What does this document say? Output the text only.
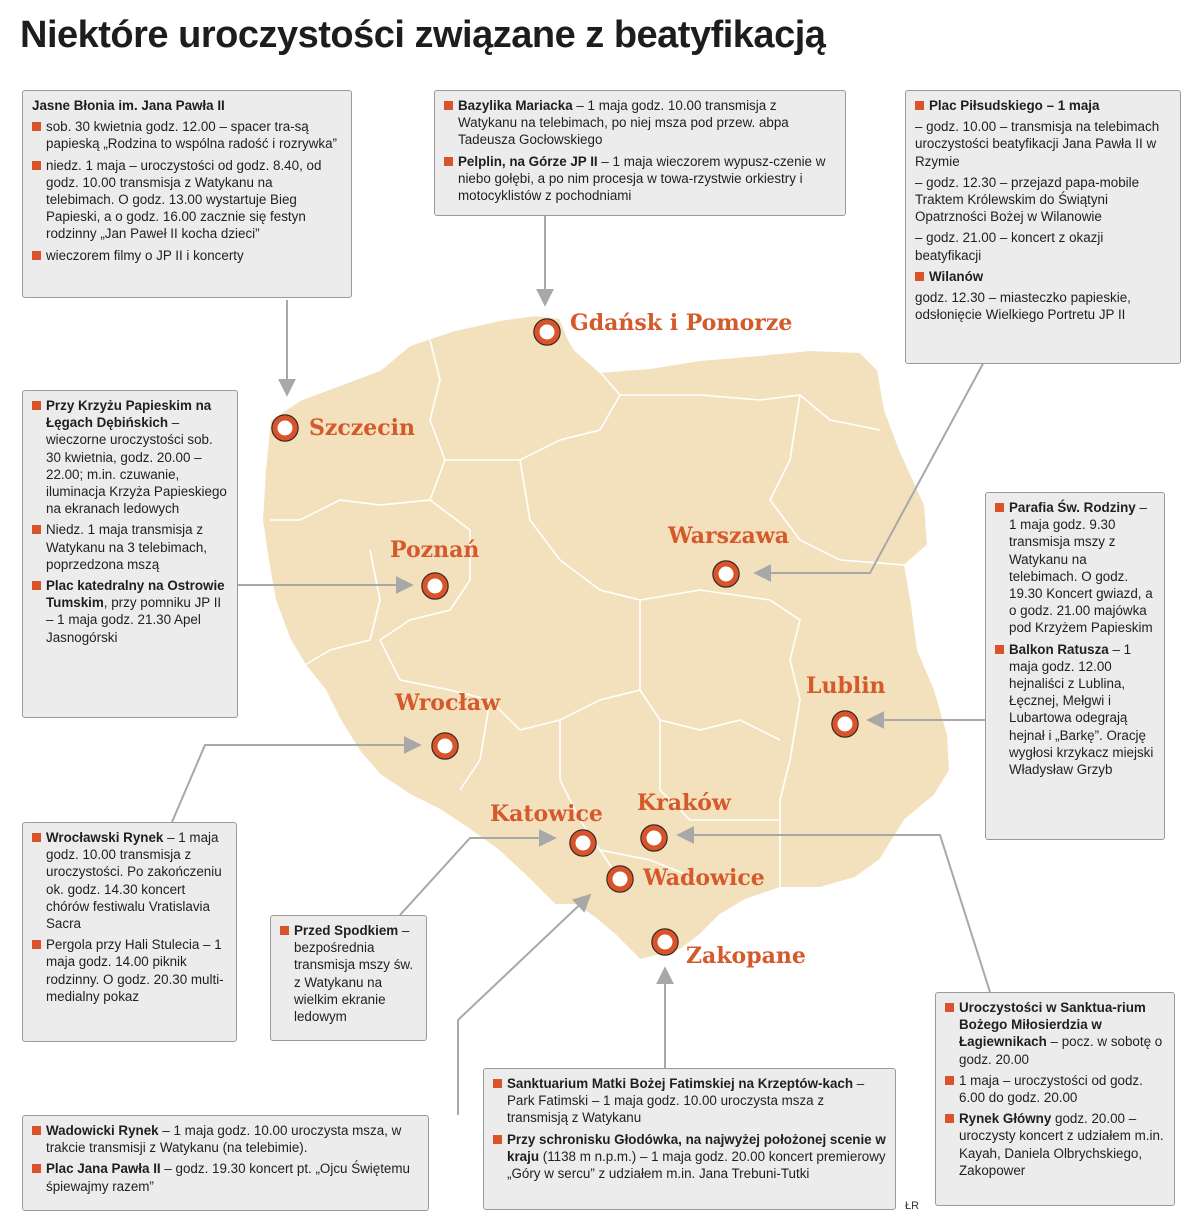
Niektóre uroczystości związane z beatyfikacją
Gdańsk i Pomorze
Szczecin
Poznań
Warszawa
Lublin
Wrocław
Katowice Kraków
Wadowice
Zakopane
Jasne Błonia im. Jana Pawła II
sob. 30 kwietnia godz. 12.00 – spacer tra-są papieską „Rodzina to wspólna radość i rozrywka”
niedz. 1 maja – uroczystości od godz. 8.40, od godz. 10.00 transmisja z Watykanu na telebimach. O godz. 13.00 wystartuje Bieg Papieski, a o godz. 16.00 zacznie się festyn rodzinny „Jan Paweł II kocha dzieci”
wieczorem filmy o JP II i koncerty
Bazylika Mariacka – 1 maja godz. 10.00 transmisja z Watykanu na telebimach, po niej msza pod przew. abpa Tadeusza Gocłowskiego
Pelplin, na Górze JP II – 1 maja wieczorem wypusz-czenie w niebo gołębi, a po nim procesja w towa-rzystwie orkiestry i motocyklistów z pochodniami
Plac Piłsudskiego – 1 maja
– godz. 10.00 – transmisja na telebimach uroczystości beatyfikacji Jana Pawła II w Rzymie
– godz. 12.30 – przejazd papa-mobile Traktem Królewskim do Świątyni Opatrzności Bożej w Wilanowie
– godz. 21.00 – koncert z okazji beatyfikacji
Wilanów
godz. 12.30 – miasteczko papieskie, odsłonięcie Wielkiego Portretu JP II
Przy Krzyżu Papieskim na Łęgach Dębińskich – wieczorne uroczystości sob. 30 kwietnia, godz. 20.00 – 22.00; m.in. czuwanie, iluminacja Krzyża Papieskiego na ekranach ledowych
Niedz. 1 maja transmisja z Watykanu na 3 telebimach, poprzedzona mszą
Plac katedralny na Ostrowie Tumskim, przy pomniku JP II – 1 maja godz. 21.30 Apel Jasnogórski
Parafia Św. Rodziny – 1 maja godz. 9.30 transmisja mszy z Watykanu na telebimach. O godz. 19.30 Koncert gwiazd, a o godz. 21.00 majówka pod Krzyżem Papieskim
Balkon Ratusza – 1 maja godz. 12.00 hejnaliści z Lublina, Łęcznej, Mełgwi i Lubartowa odegrają hejnał i „Barkę”. Orację wygłosi krzykacz miejski Władysław Grzyb
Wrocławski Rynek – 1 maja godz. 10.00 transmisja z uroczystości. Po zakończeniu ok. godz. 14.30 koncert chórów festiwalu Vratislavia Sacra
Pergola przy Hali Stulecia – 1 maja godz. 14.00 piknik rodzinny. O godz. 20.30 multi-medialny pokaz
Przed Spodkiem – bezpośrednia transmisja mszy św. z Watykanu na wielkim ekranie ledowym
Uroczystości w Sanktua-rium Bożego Miłosierdzia w Łagiewnikach – pocz. w sobotę o godz. 20.00
1 maja – uroczystości od godz. 6.00 do godz. 20.00
Rynek Główny godz. 20.00 – uroczysty koncert z udziałem m.in. Kayah, Daniela Olbrychskiego, Zakopower
Sanktuarium Matki Bożej Fatimskiej na Krzeptów-kach – Park Fatimski – 1 maja godz. 10.00 uroczysta msza z transmisją z Watykanu
Przy schronisku Głodówka, na najwyżej położonej scenie w kraju (1138 m n.p.m.) – 1 maja godz. 20.00 koncert premierowy „Góry w sercu” z udziałem m.in. Jana Trebuni-Tutki
Wadowicki Rynek – 1 maja godz. 10.00 uroczysta msza, w trakcie transmisji z Watykanu (na telebimie).
Plac Jana Pawła II – godz. 19.30 koncert pt. „Ojcu Świętemu śpiewajmy razem”
ŁR
